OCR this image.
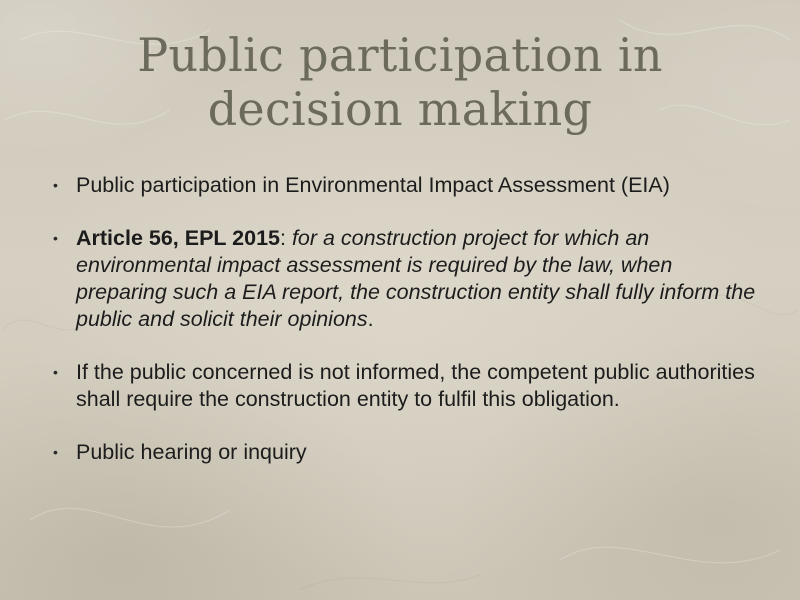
Public participation in decision making
• Public participation in Environmental Impact Assessment (EIA)
• Article 56, EPL 2015: for a construction project for which an environmental impact assessment is required by the law, when preparing such a EIA report, the construction entity shall fully inform the public and solicit their opinions.
• If the public concerned is not informed, the competent public authorities shall require the construction entity to fulfil this obligation.
• Public hearing or inquiry
